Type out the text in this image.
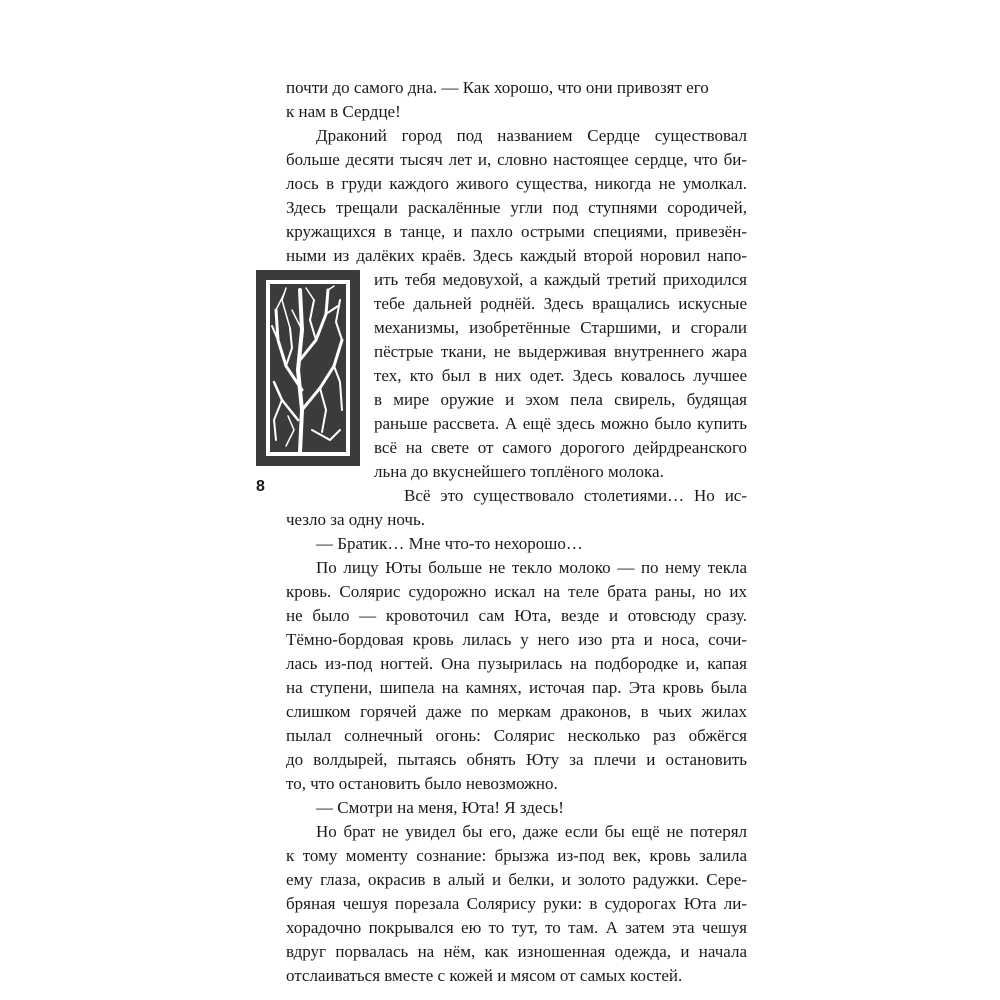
почти до самого дна. — Как хорошо, что они привозят его
к нам в Сердце!
Драконий город под названием Сердце существовал
больше десяти тысяч лет и, словно настоящее сердце, что би-
лось в груди каждого живого существа, никогда не умолкал.
Здесь трещали раскалённые угли под ступнями сородичей,
кружащихся в танце, и пахло острыми специями, привезён-
ными из далёких краёв. Здесь каждый второй норовил напо-
ить тебя медовухой, а каждый третий приходился
тебе дальней роднёй. Здесь вращались искусные
механизмы, изобретённые Старшими, и сгорали
пёстрые ткани, не выдерживая внутреннего жара
тех, кто был в них одет. Здесь ковалось лучшее
в мире оружие и эхом пела свирель, будящая
раньше рассвета. А ещё здесь можно было купить
всё на свете от самого дорогого дейрдреанского
льна до вкуснейшего топлёного молока.
Всё это существовало столетиями… Но ис-
чезло за одну ночь.
— Братик… Мне что-то нехорошо…
По лицу Юты больше не текло молоко — по нему текла
кровь. Солярис судорожно искал на теле брата раны, но их
не было — кровоточил сам Юта, везде и отовсюду сразу.
Тёмно-бордовая кровь лилась у него изо рта и носа, сочи-
лась из-под ногтей. Она пузырилась на подбородке и, капая
на ступени, шипела на камнях, источая пар. Эта кровь была
слишком горячей даже по меркам драконов, в чьих жилах
пылал солнечный огонь: Солярис несколько раз обжёгся
до волдырей, пытаясь обнять Юту за плечи и остановить
то, что остановить было невозможно.
— Смотри на меня, Юта! Я здесь!
Но брат не увидел бы его, даже если бы ещё не потерял
к тому моменту сознание: брызжа из-под век, кровь залила
ему глаза, окрасив в алый и белки, и золото радужки. Сере-
бряная чешуя порезала Солярису руки: в судорогах Юта ли-
хорадочно покрывался ею то тут, то там. А затем эта чешуя
вдруг порвалась на нём, как изношенная одежда, и начала
отслаиваться вместе с кожей и мясом от самых костей.
8
